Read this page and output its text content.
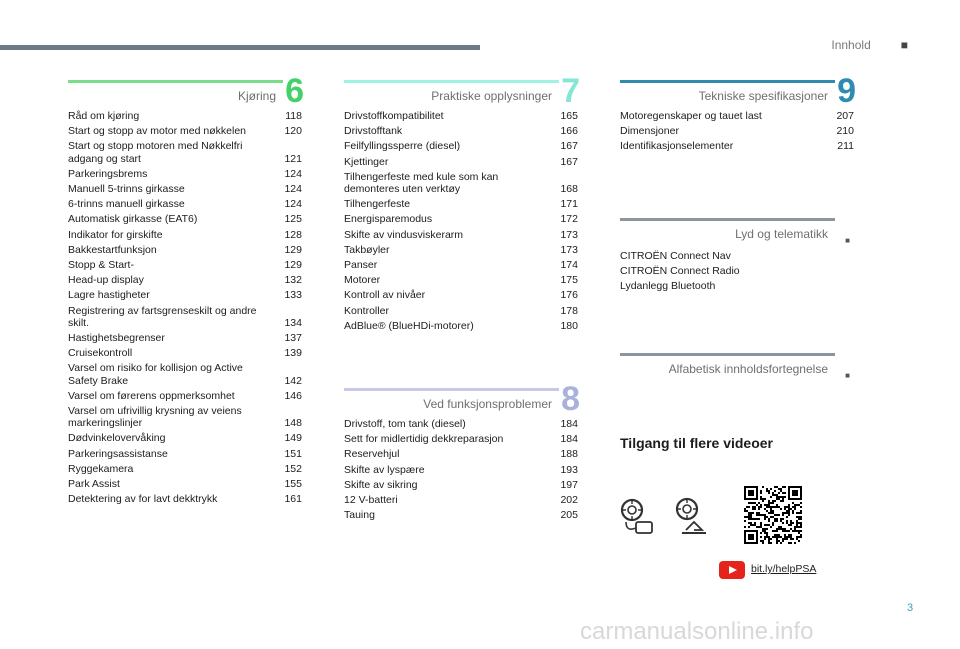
Innhold	■
Kjøring 6
Råd om kjøring	118
Start og stopp av motor med nøkkelen	120
Start og stopp motoren med Nøkkelfri adgang og start	121
Parkeringsbrems	124
Manuell 5-trinns girkasse	124
6-trinns manuell girkasse	124
Automatisk girkasse (EAT6)	125
Indikator for girskifte	128
Bakkestartfunksjon	129
Stopp & Start-	129
Head-up display	132
Lagre hastigheter	133
Registrering av fartsgrenseskilt og andre skilt.	134
Hastighetsbegrenser	137
Cruisekontroll	139
Varsel om risiko for kollisjon og Active Safety Brake	142
Varsel om førerens oppmerksomhet	146
Varsel om ufrivillig krysning av veiens markeringslinjer	148
Dødvinkelovervåking	149
Parkeringsassistanse	151
Ryggekamera	152
Park Assist	155
Detektering av for lavt dekktrykk	161
Praktiske opplysninger 7
Drivstoffkompatibilitet	165
Drivstofftank	166
Feilfyllingssperre (diesel)	167
Kjettinger	167
Tilhengerfeste med kule som kan demonteres uten verktøy	168
Tilhengerfeste	171
Energisparemodus	172
Skifte av vindusviskerarm	173
Takbøyler	173
Panser	174
Motorer	175
Kontroll av nivåer	176
Kontroller	178
AdBlue® (BlueHDi-motorer)	180
Ved funksjonsproblemer 8
Drivstoff, tom tank (diesel)	184
Sett for midlertidig dekkreparasjon	184
Reservehjul	188
Skifte av lyspære	193
Skifte av sikring	197
12 V-batteri	202
Tauing	205
Tekniske spesifikasjoner 9
Motoregenskaper og tauet last	207
Dimensjoner	210
Identifikasjonselementer	211
Lyd og telematikk ■
CITROËN Connect Nav
CITROËN Connect Radio
Lydanlegg Bluetooth
Alfabetisk innholdsfortegnelse ■
Tilgang til flere videoer
bit.ly/helpPSA
3
carmanualsonline.info
